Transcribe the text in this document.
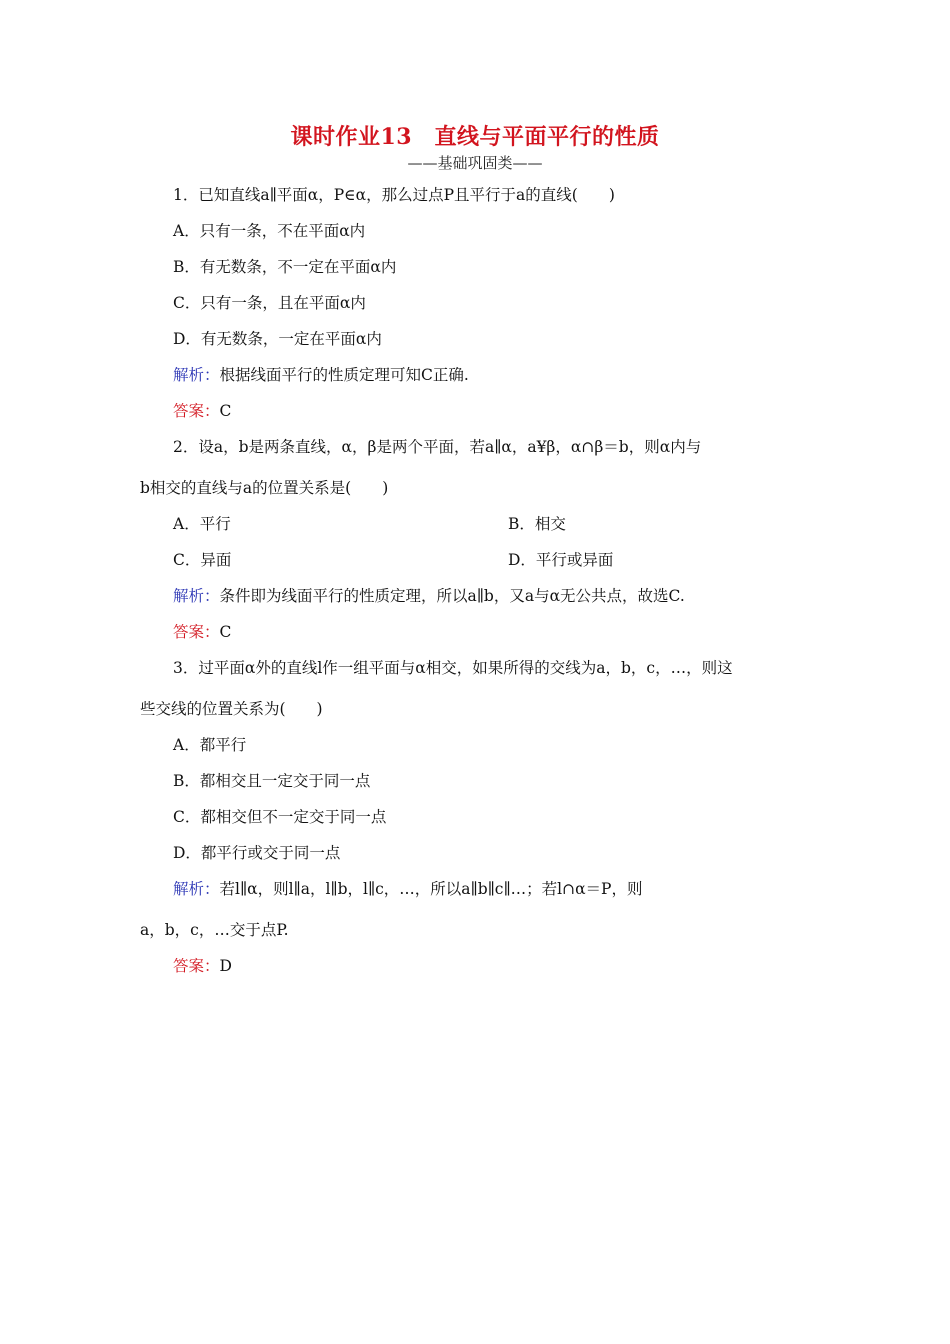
课时作业13　直线与平面平行的性质
——基础巩固类——
1．已知直线a∥平面α，P∈α，那么过点P且平行于a的直线(　　)
A．只有一条，不在平面α内
B．有无数条，不一定在平面α内
C．只有一条，且在平面α内
D．有无数条，一定在平面α内
解析：根据线面平行的性质定理可知C正确.
答案：C
2．设a，b是两条直线，α，β是两个平面，若a∥α，a¥β，α∩β＝b，则α内与
b相交的直线与a的位置关系是(　　)
A．平行	B．相交
C．异面	D．平行或异面
解析：条件即为线面平行的性质定理，所以a∥b，又a与α无公共点，故选C.
答案：C
3．过平面α外的直线l作一组平面与α相交，如果所得的交线为a，b，c，…，则这
些交线的位置关系为(　　)
A．都平行
B．都相交且一定交于同一点
C．都相交但不一定交于同一点
D．都平行或交于同一点
解析：若l∥α，则l∥a，l∥b，l∥c，…，所以a∥b∥c∥…；若l∩α＝P，则
a，b，c，…交于点P.
答案：D
